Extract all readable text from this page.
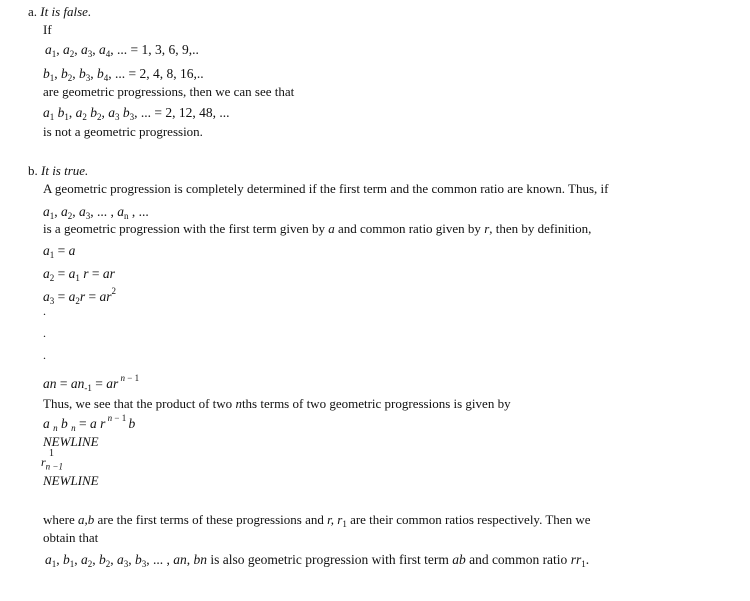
a. It is false.
If
$a_1$, $a_2$, $a_3$, $a_4$, ... = 1, 3, 6, 9,..
$b_1$, $b_2$, $b_3$, $b_4$, ... = 2, 4, 8, 16,..
are geometric progressions, then we can see that
$a_1$ $b_1$, $a_2$ $b_2$, $a_3$ $b_3$, ... = 2, 12, 48, ...
is not a geometric progression.
b. It is true.
A geometric progression is completely determined if the first term and the common ratio are known. Thus, if
$a_1$, $a_2$, $a_3$, ... , $a_n$ , ...
is a geometric progression with the first term given by a and common ratio given by r, then by definition,
$a_1 = a$
$a_2 = a_1$ r = ar
$a_3 = a_2r = ar^2$
.
.
.
an = $an_{-1}$ = ar $^{n - 1}$
Thus, we see that the product of two nths terms of two geometric progressions is given by
a $_n$ b $_n$ = a r $^{n - 1}$ b
NEWLINE
1
$r_{n -1}$
NEWLINE
where a,b are the first terms of these progressions and r, $r_1$ are their common ratios respectively. Then we
obtain that
$a_1$, $b_1$, $a_2$, $b_2$, $a_3$, $b_3$, ... , an, bn is also geometric progression with first term ab and common ratio $rr_1$.
